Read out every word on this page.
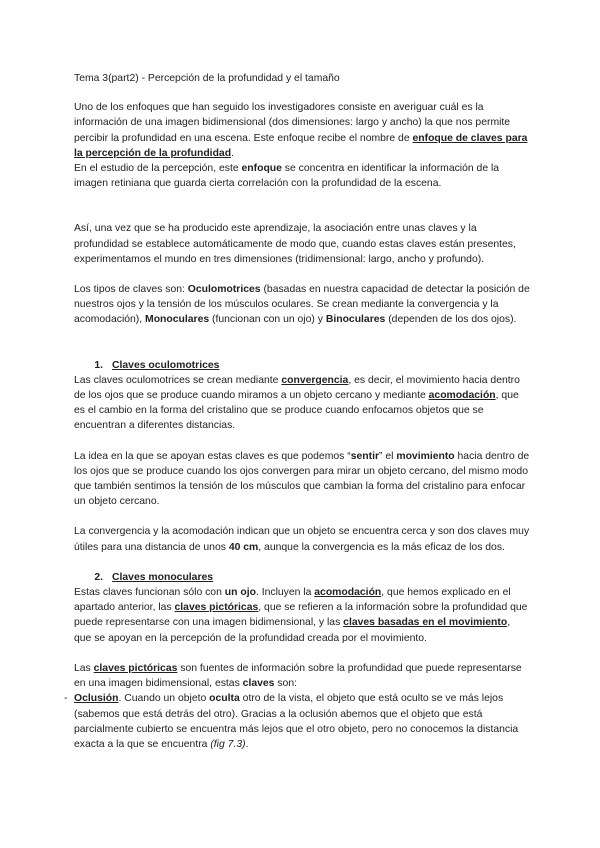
Tema 3(part2) - Percepción de la profundidad y el tamaño

Uno de los enfoques que han seguido los investigadores consiste en averiguar cuál es la información de una imagen bidimensional (dos dimensiones: largo y ancho) la que nos permite percibir la profundidad en una escena. Este enfoque recibe el nombre de enfoque de claves para la percepción de la profundidad.

En el estudio de la percepción, este enfoque se concentra en identificar la información de la imagen retiniana que guarda cierta correlación con la profundidad de la escena.

Así, una vez que se ha producido este aprendizaje, la asociación entre unas claves y la profundidad se establece automáticamente de modo que, cuando estas claves están presentes, experimentamos el mundo en tres dimensiones (tridimensional: largo, ancho y profundo).

Los tipos de claves son: Oculomotrices (basadas en nuestra capacidad de detectar la posición de nuestros ojos y la tensión de los músculos oculares. Se crean mediante la convergencia y la acomodación), Monoculares (funcionan con un ojo) y Binoculares (dependen de los dos ojos).

1. Claves oculomotrices

Las claves oculomotrices se crean mediante convergencia, es decir, el movimiento hacia dentro de los ojos que se produce cuando miramos a un objeto cercano y mediante acomodación, que es el cambio en la forma del cristalino que se produce cuando enfocamos objetos que se encuentran a diferentes distancias.

La idea en la que se apoyan estas claves es que podemos “sentir” el movimiento hacia dentro de los ojos que se produce cuando los ojos convergen para mirar un objeto cercano, del mismo modo que también sentimos la tensión de los músculos que cambian la forma del cristalino para enfocar un objeto cercano.

La convergencia y la acomodación indican que un objeto se encuentra cerca y son dos claves muy útiles para una distancia de unos 40 cm, aunque la convergencia es la más eficaz de los dos.

2. Claves monoculares

Estas claves funcionan sólo con un ojo. Incluyen la acomodación, que hemos explicado en el apartado anterior, las claves pictóricas, que se refieren a la información sobre la profundidad que puede representarse con una imagen bidimensional, y las claves basadas en el movimiento, que se apoyan en la percepción de la profundidad creada por el movimiento.

Las claves pictóricas son fuentes de información sobre la profundidad que puede representarse en una imagen bidimensional, estas claves son:

- Oclusión. Cuando un objeto oculta otro de la vista, el objeto que está oculto se ve más lejos (sabemos que está detrás del otro). Gracias a la oclusión abemos que el objeto que está parcialmente cubierto se encuentra más lejos que el otro objeto, pero no conocemos la distancia exacta a la que se encuentra (fig 7.3).
